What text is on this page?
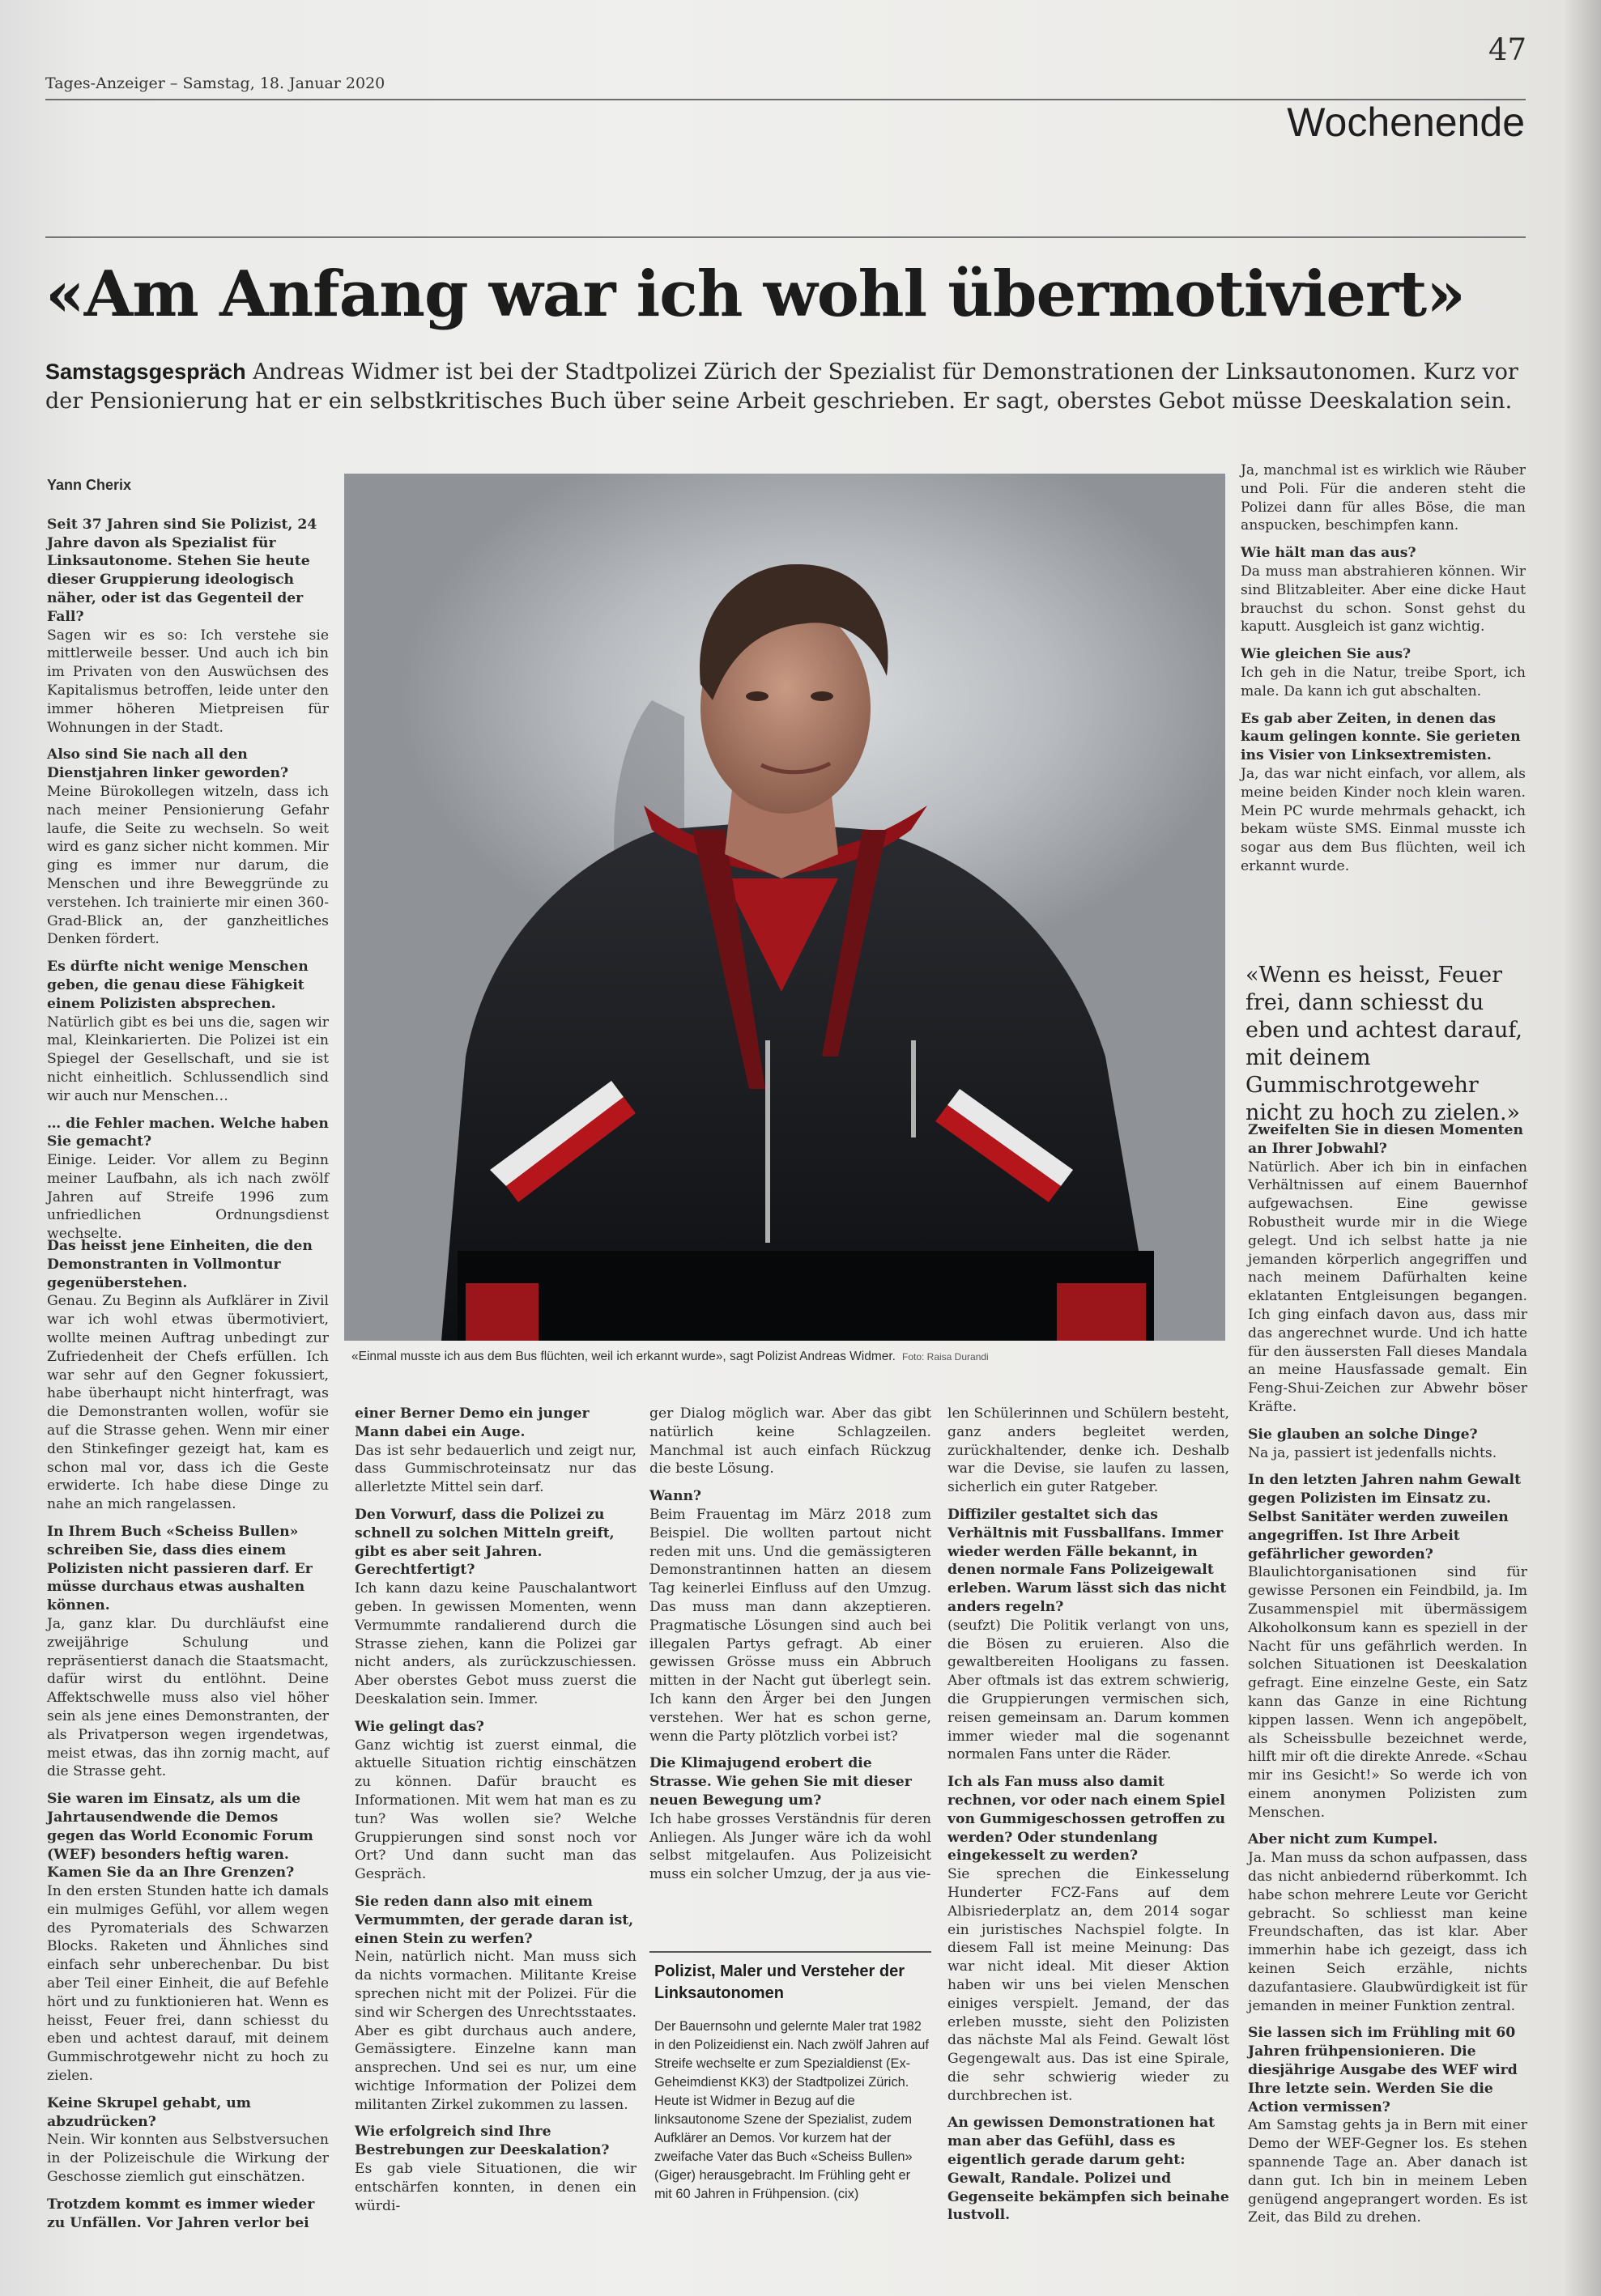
Tages-Anzeiger – Samstag, 18. Januar 2020
47
Wochenende
«Am Anfang war ich wohl übermotiviert»
Samstagsgespräch Andreas Widmer ist bei der Stadtpolizei Zürich der Spezialist für Demonstrationen der Linksautonomen. Kurz vor der Pensionierung hat er ein selbstkritisches Buch über seine Arbeit geschrieben. Er sagt, oberstes Gebot müsse Deeskalation sein.
Yann Cherix

Seit 37 Jahren sind Sie Polizist, 24 Jahre davon als Spezialist für Linksautonome. Stehen Sie heute dieser Gruppierung ideologisch näher, oder ist das Gegenteil der Fall?
Sagen wir es so: Ich verstehe sie mittlerweile besser. Und auch ich bin im Privaten von den Auswüchsen des Kapitalismus betroffen, leide unter den immer höheren Mietpreisen für Wohnungen in der Stadt.

Also sind Sie nach all den Dienstjahren linker geworden?
Meine Bürokollegen witzeln, dass ich nach meiner Pensionierung Gefahr laufe, die Seite zu wechseln. So weit wird es ganz sicher nicht kommen. Mir ging es immer nur darum, die Menschen und ihre Beweggründe zu verstehen. Ich trainierte mir einen 360-Grad-Blick an, der ganzheitliches Denken fördert.

Es dürfte nicht wenige Menschen geben, die genau diese Fähigkeit einem Polizisten absprechen.
Natürlich gibt es bei uns die, sagen wir mal, Kleinkarierten. Die Polizei ist ein Spiegel der Gesellschaft, und sie ist nicht einheitlich. Schlussendlich sind wir auch nur Menschen…

… die Fehler machen. Welche haben Sie gemacht?
Einige. Leider. Vor allem zu Beginn meiner Laufbahn, als ich nach zwölf Jahren auf Streife 1996 zum unfriedlichen Ordnungsdienst wechselte.

Das heisst jene Einheiten, die den Demonstranten in Vollmontur gegenüberstehen.
Genau. Zu Beginn als Aufklärer in Zivil war ich wohl etwas übermotiviert, wollte meinen Auftrag unbedingt zur Zufriedenheit der Chefs erfüllen. Ich war sehr auf den Gegner fokussiert, habe überhaupt nicht hinterfragt, was die Demonstranten wollen, wofür sie auf die Strasse gehen. Wenn mir einer den Stinkefinger gezeigt hat, kam es schon mal vor, dass ich die Geste erwiderte. Ich habe diese Dinge zu nahe an mich rangelassen.

In Ihrem Buch «Scheiss Bullen» schreiben Sie, dass dies einem Polizisten nicht passieren darf. Er müsse durchaus etwas aushalten können.
Ja, ganz klar. Du durchläufst eine zweijährige Schulung und repräsentierst danach die Staatsmacht, dafür wirst du entlöhnt. Deine Affektschwelle muss also viel höher sein als jene eines Demonstranten, der als Privatperson wegen irgendetwas, meist etwas, das ihn zornig macht, auf die Strasse geht.

Sie waren im Einsatz, als um die Jahrtausendwende die Demos gegen das World Economic Forum (WEF) besonders heftig waren. Kamen Sie da an Ihre Grenzen?
In den ersten Stunden hatte ich damals ein mulmiges Gefühl, vor allem wegen des Pyromaterials des Schwarzen Blocks. Raketen und Ähnliches sind einfach sehr unberechenbar. Du bist aber Teil einer Einheit, die auf Befehle hört und zu funktionieren hat. Wenn es heisst, Feuer frei, dann schiesst du eben und achtest darauf, mit deinem Gummischrotgewehr nicht zu hoch zu zielen.

Keine Skrupel gehabt, um abzudrücken?
Nein. Wir konnten aus Selbstversuchen in der Polizeischule die Wirkung der Geschosse ziemlich gut einschätzen.

Trotzdem kommt es immer wieder zu Unfällen. Vor Jahren verlor bei

«Einmal musste ich aus dem Bus flüchten, weil ich erkannt wurde», sagt Polizist Andreas Widmer. Foto: Raisa Durandi

einer Berner Demo ein junger Mann dabei ein Auge.
Das ist sehr bedauerlich und zeigt nur, dass Gummischroteinsatz nur das allerletzte Mittel sein darf.

Den Vorwurf, dass die Polizei zu schnell zu solchen Mitteln greift, gibt es aber seit Jahren. Gerechtfertigt?
Ich kann dazu keine Pauschalantwort geben. In gewissen Momenten, wenn Vermummte randalierend durch die Strasse ziehen, kann die Polizei gar nicht anders, als zurückzuschiessen. Aber oberstes Gebot muss zuerst die Deeskalation sein. Immer.

Wie gelingt das?
Ganz wichtig ist zuerst einmal, die aktuelle Situation richtig einschätzen zu können. Dafür braucht es Informationen. Mit wem hat man es zu tun? Was wollen sie? Welche Gruppierungen sind sonst noch vor Ort? Und dann sucht man das Gespräch.

Sie reden dann also mit einem Vermummten, der gerade daran ist, einen Stein zu werfen?
Nein, natürlich nicht. Man muss sich da nichts vormachen. Militante Kreise sprechen nicht mit der Polizei. Für die sind wir Schergen des Unrechtsstaates. Aber es gibt durchaus auch andere, Gemässigtere. Einzelne kann man ansprechen. Und sei es nur, um eine wichtige Information der Polizei dem militanten Zirkel zukommen zu lassen.

Wie erfolgreich sind Ihre Bestrebungen zur Deeskalation?
Es gab viele Situationen, die wir entschärfen konnten, in denen ein würdi-

ger Dialog möglich war. Aber das gibt natürlich keine Schlagzeilen. Manchmal ist auch einfach Rückzug die beste Lösung.

Wann?
Beim Frauentag im März 2018 zum Beispiel. Die wollten partout nicht reden mit uns. Und die gemässigteren Demonstrantinnen hatten an diesem Tag keinerlei Einfluss auf den Umzug. Das muss man dann akzeptieren. Pragmatische Lösungen sind auch bei illegalen Partys gefragt. Ab einer gewissen Grösse muss ein Abbruch mitten in der Nacht gut überlegt sein. Ich kann den Ärger bei den Jungen verstehen. Wer hat es schon gerne, wenn die Party plötzlich vorbei ist?

Die Klimajugend erobert die Strasse. Wie gehen Sie mit dieser neuen Bewegung um?
Ich habe grosses Verständnis für deren Anliegen. Als Junger wäre ich da wohl selbst mitgelaufen. Aus Polizeisicht muss ein solcher Umzug, der ja aus vie-

Polizist, Maler und Versteher der Linksautonomen
Der Bauernsohn und gelernte Maler trat 1982 in den Polizeidienst ein. Nach zwölf Jahren auf Streife wechselte er zum Spezialdienst (Ex-Geheimdienst KK3) der Stadtpolizei Zürich. Heute ist Widmer in Bezug auf die linksautonome Szene der Spezialist, zudem Aufklärer an Demos. Vor kurzem hat der zweifache Vater das Buch «Scheiss Bullen» (Giger) herausgebracht. Im Frühling geht er mit 60 Jahren in Frühpension. (cix)

len Schülerinnen und Schülern besteht, ganz anders begleitet werden, zurückhaltender, denke ich. Deshalb war die Devise, sie laufen zu lassen, sicherlich ein guter Ratgeber.

Diffiziler gestaltet sich das Verhältnis mit Fussballfans. Immer wieder werden Fälle bekannt, in denen normale Fans Polizeigewalt erleben. Warum lässt sich das nicht anders regeln?
(seufzt) Die Politik verlangt von uns, die Bösen zu eruieren. Also die gewaltbereiten Hooligans zu fassen. Aber oftmals ist das extrem schwierig, die Gruppierungen vermischen sich, reisen gemeinsam an. Darum kommen immer wieder mal die sogenannt normalen Fans unter die Räder.

Ich als Fan muss also damit rechnen, vor oder nach einem Spiel von Gummigeschossen getroffen zu werden? Oder stundenlang eingekesselt zu werden?
Sie sprechen die Einkesselung Hunderter FCZ-Fans auf dem Albisriederplatz an, dem 2014 sogar ein juristisches Nachspiel folgte. In diesem Fall ist meine Meinung: Das war nicht ideal. Mit dieser Aktion haben wir uns bei vielen Menschen einiges verspielt. Jemand, der das erleben musste, sieht den Polizisten das nächste Mal als Feind. Gewalt löst Gegengewalt aus. Das ist eine Spirale, die sehr schwierig wieder zu durchbrechen ist.

An gewissen Demonstrationen hat man aber das Gefühl, dass es eigentlich gerade darum geht: Gewalt, Randale. Polizei und Gegenseite bekämpfen sich beinahe lustvoll.

Ja, manchmal ist es wirklich wie Räuber und Poli. Für die anderen steht die Polizei dann für alles Böse, die man anspucken, beschimpfen kann.

Wie hält man das aus?
Da muss man abstrahieren können. Wir sind Blitzableiter. Aber eine dicke Haut brauchst du schon. Sonst gehst du kaputt. Ausgleich ist ganz wichtig.

Wie gleichen Sie aus?
Ich geh in die Natur, treibe Sport, ich male. Da kann ich gut abschalten.

Es gab aber Zeiten, in denen das kaum gelingen konnte. Sie gerieten ins Visier von Linksextremisten.
Ja, das war nicht einfach, vor allem, als meine beiden Kinder noch klein waren. Mein PC wurde mehrmals gehackt, ich bekam wüste SMS. Einmal musste ich sogar aus dem Bus flüchten, weil ich erkannt wurde.

«Wenn es heisst, Feuer frei, dann schiesst du eben und achtest darauf, mit deinem Gummischrotgewehr nicht zu hoch zu zielen.»

Zweifelten Sie in diesen Momenten an Ihrer Jobwahl?
Natürlich. Aber ich bin in einfachen Verhältnissen auf einem Bauernhof aufgewachsen. Eine gewisse Robustheit wurde mir in die Wiege gelegt. Und ich selbst hatte ja nie jemanden körperlich angegriffen und nach meinem Dafürhalten keine eklatanten Entgleisungen begangen. Ich ging einfach davon aus, dass mir das angerechnet wurde. Und ich hatte für den äussersten Fall dieses Mandala an meine Hausfassade gemalt. Ein Feng-Shui-Zeichen zur Abwehr böser Kräfte.

Sie glauben an solche Dinge?
Na ja, passiert ist jedenfalls nichts.

In den letzten Jahren nahm Gewalt gegen Polizisten im Einsatz zu. Selbst Sanitäter werden zuweilen angegriffen. Ist Ihre Arbeit gefährlicher geworden?
Blaulichtorganisationen sind für gewisse Personen ein Feindbild, ja. Im Zusammenspiel mit übermässigem Alkoholkonsum kann es speziell in der Nacht für uns gefährlich werden. In solchen Situationen ist Deeskalation gefragt. Eine einzelne Geste, ein Satz kann das Ganze in eine Richtung kippen lassen. Wenn ich angepöbelt, als Scheissbulle bezeichnet werde, hilft mir oft die direkte Anrede. «Schau mir ins Gesicht!» So werde ich von einem anonymen Polizisten zum Menschen.

Aber nicht zum Kumpel.
Ja. Man muss da schon aufpassen, dass das nicht anbiedernd rüberkommt. Ich habe schon mehrere Leute vor Gericht gebracht. So schliesst man keine Freundschaften, das ist klar. Aber immerhin habe ich gezeigt, dass ich keinen Seich erzähle, nichts dazufantasiere. Glaubwürdigkeit ist für jemanden in meiner Funktion zentral.

Sie lassen sich im Frühling mit 60 Jahren frühpensionieren. Die diesjährige Ausgabe des WEF wird Ihre letzte sein. Werden Sie die Action vermissen?
Am Samstag gehts ja in Bern mit einer Demo der WEF-Gegner los. Es stehen spannende Tage an. Aber danach ist dann gut. Ich bin in meinem Leben genügend angeprangert worden. Es ist Zeit, das Bild zu drehen.
